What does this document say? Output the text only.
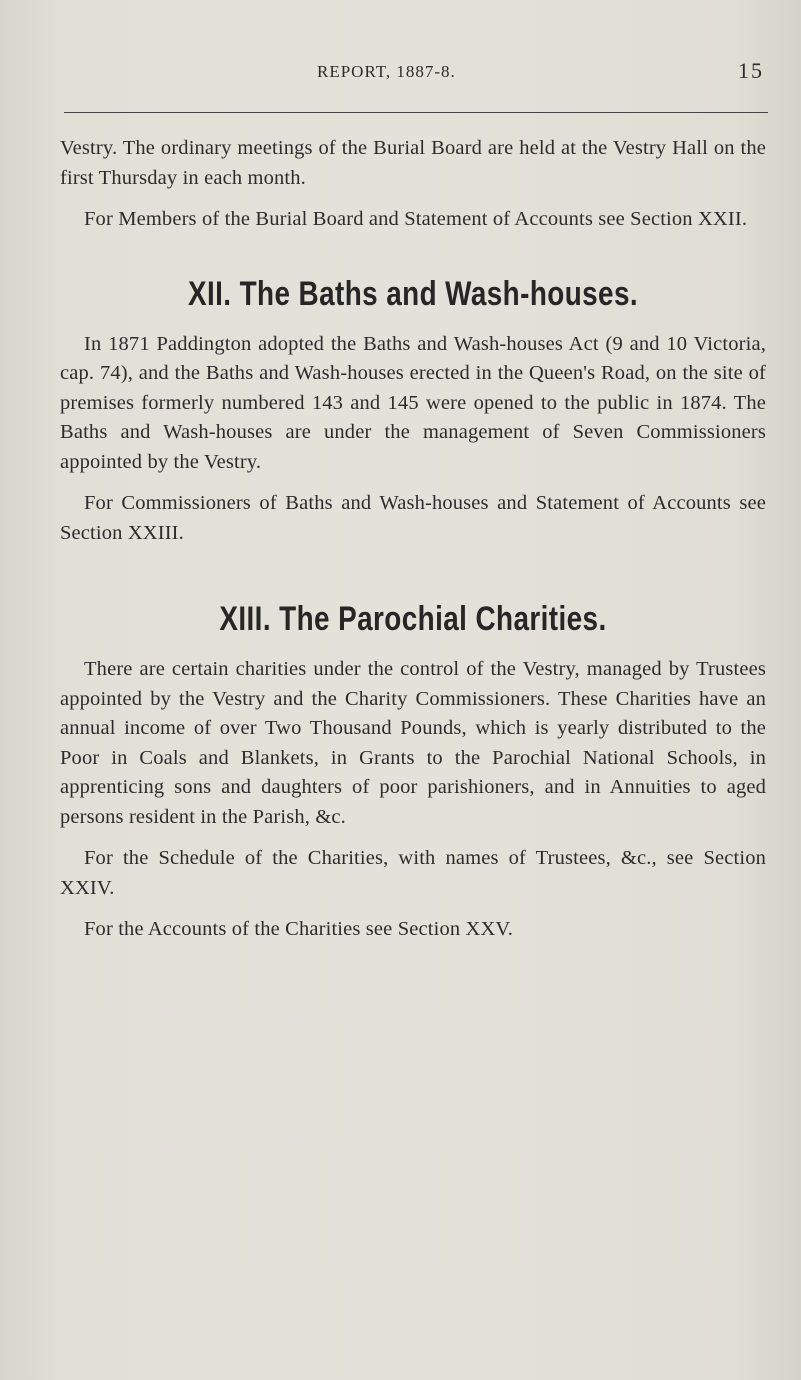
REPORT, 1887-8.	15

Vestry. The ordinary meetings of the Burial Board are held at the Vestry Hall on the first Thursday in each month.

For Members of the Burial Board and Statement of Accounts see Section XXII.

XII. The Baths and Wash-houses.

In 1871 Paddington adopted the Baths and Wash-houses Act (9 and 10 Victoria, cap. 74), and the Baths and Wash-houses erected in the Queen's Road, on the site of premises formerly numbered 143 and 145 were opened to the public in 1874. The Baths and Wash-houses are under the management of Seven Commissioners appointed by the Vestry.

For Commissioners of Baths and Wash-houses and Statement of Accounts see Section XXIII.

XIII. The Parochial Charities.

There are certain charities under the control of the Vestry, managed by Trustees appointed by the Vestry and the Charity Commissioners. These Charities have an annual income of over Two Thousand Pounds, which is yearly distributed to the Poor in Coals and Blankets, in Grants to the Parochial National Schools, in apprenticing sons and daughters of poor parishioners, and in Annuities to aged persons resident in the Parish, &c.

For the Schedule of the Charities, with names of Trustees, &c., see Section XXIV.

For the Accounts of the Charities see Section XXV.
